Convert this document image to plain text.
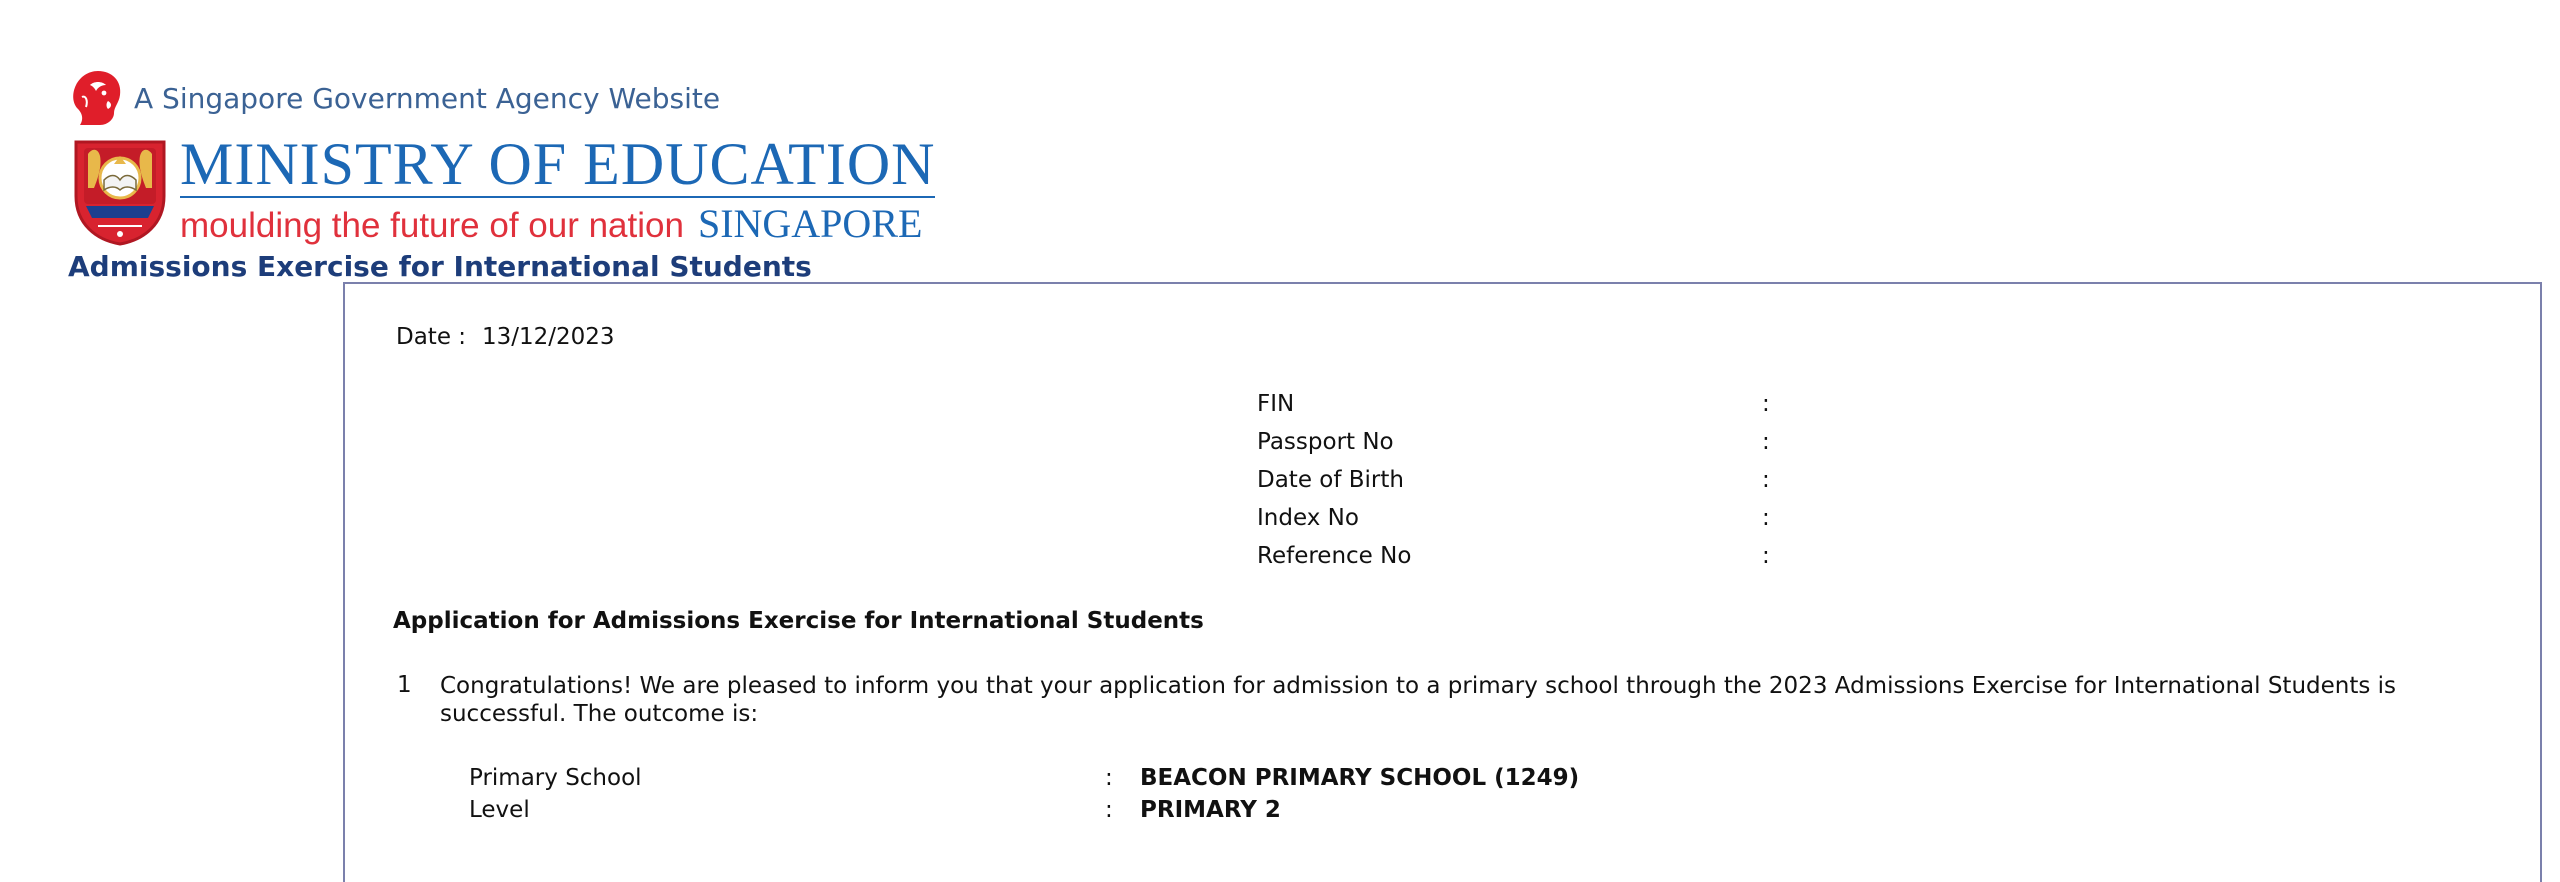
A Singapore Government Agency Website
MINISTRY OF EDUCATION
moulding the future of our nation SINGAPORE
Admissions Exercise for International Students
Date : 13/12/2023
FIN	:
Passport No	:
Date of Birth	:
Index No	:
Reference No	:
Application for Admissions Exercise for International Students
1 Congratulations! We are pleased to inform you that your application for admission to a primary school through the 2023 Admissions Exercise for International Students is successful. The outcome is:
Primary School	: BEACON PRIMARY SCHOOL (1249)
Level	: PRIMARY 2
